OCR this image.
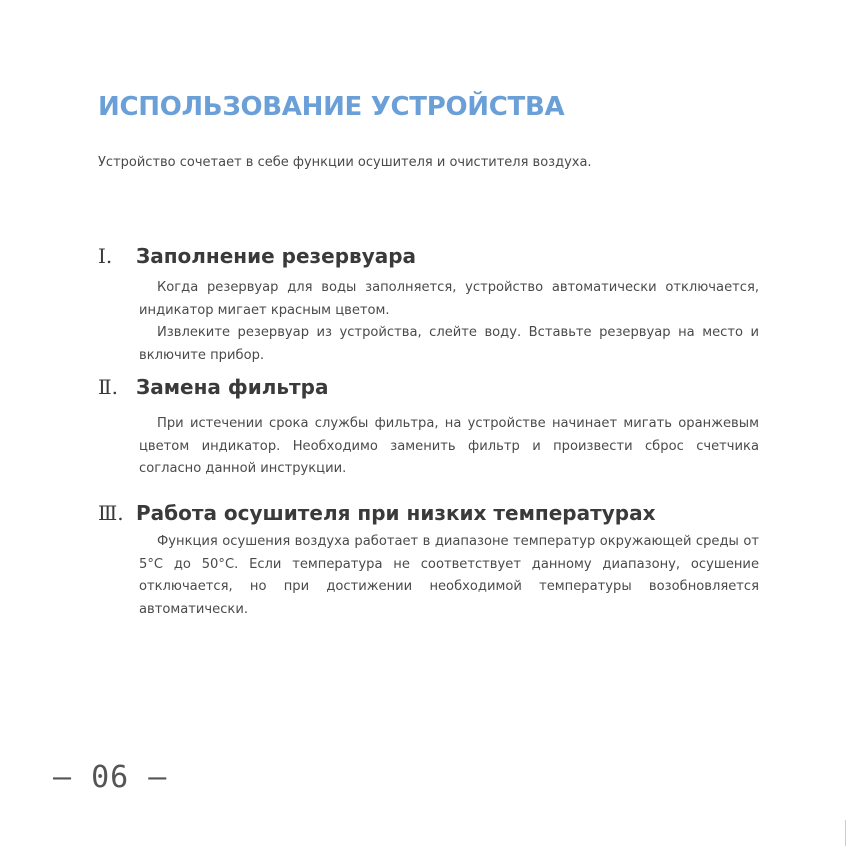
ИСПОЛЬЗОВАНИЕ УСТРОЙСТВА

Устройство сочетает в себе функции осушителя и очистителя воздуха.

Ⅰ.	Заполнение резервуара

Когда резервуар для воды заполняется, устройство автоматически отключается, индикатор мигает красным цветом.

Извлеките резервуар из устройства, слейте воду. Вставьте резервуар на место и включите прибор.

Ⅱ. Замена фильтра

При истечении срока службы фильтра, на устройстве начинает мигать оранжевым цветом индикатор. Необходимо заменить фильтр и произвести сброс счетчика согласно данной инструкции.

Ⅲ. Работа осушителя при низких температурах

Функция осушения воздуха работает в диапазоне температур окружающей среды от 5°С до 50°С. Если температура не соответствует данному диапазону, осушение отключается, но при достижении необходимой температуры возобновляется автоматически.

– 06 –
